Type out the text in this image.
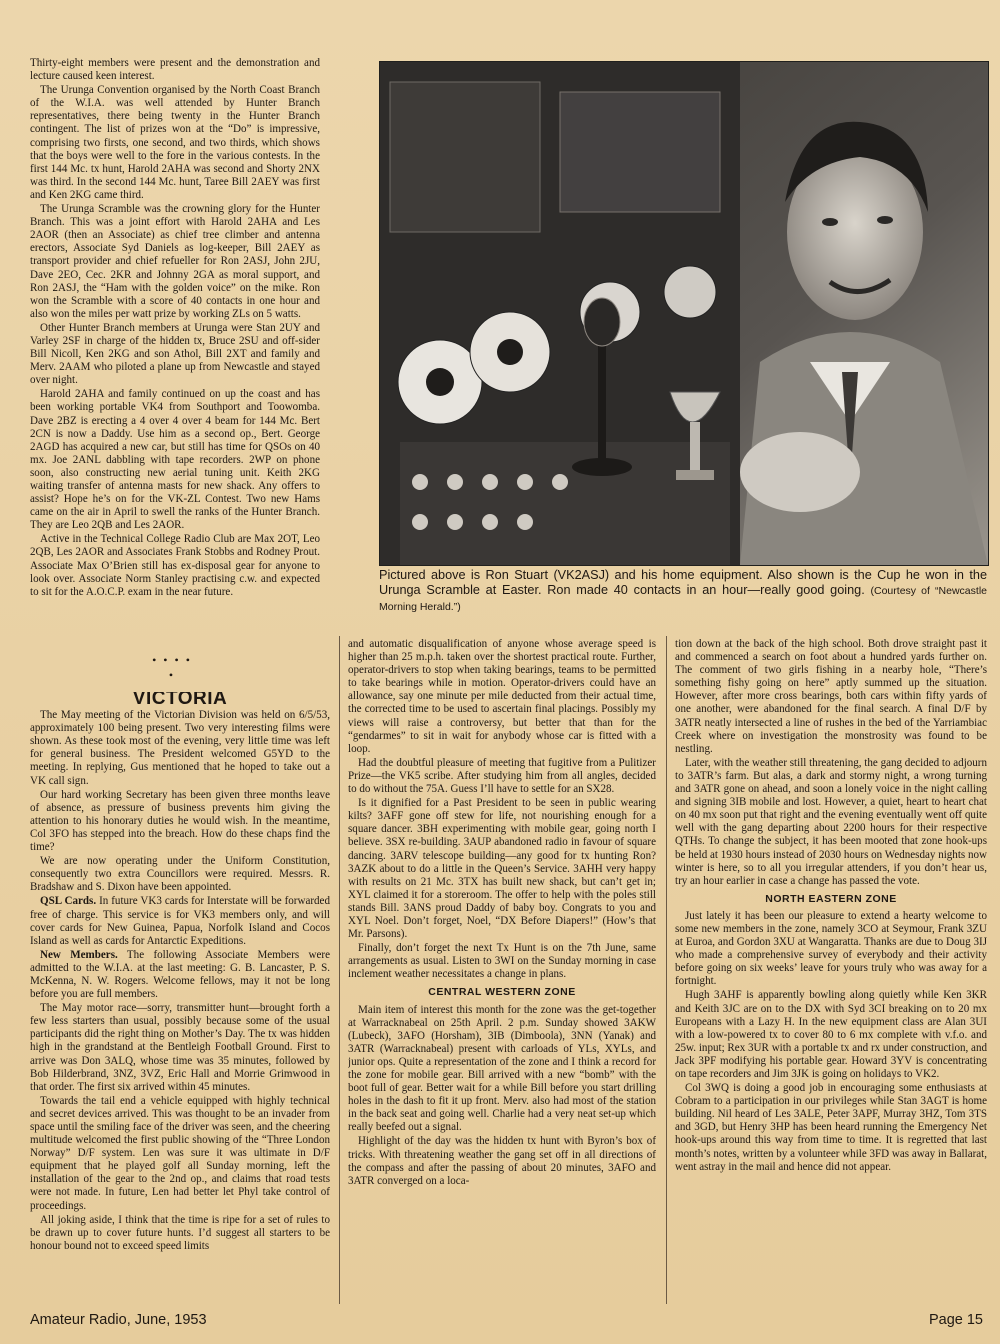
Thirty-eight members were present and the demonstration and lecture caused keen interest.

The Urunga Convention organised by the North Coast Branch of the W.I.A. was well attended by Hunter Branch representatives, there being twenty in the Hunter Branch contingent. The list of prizes won at the “Do” is impressive, comprising two firsts, one second, and two thirds, which shows that the boys were well to the fore in the various contests. In the first 144 Mc. tx hunt, Harold 2AHA was second and Shorty 2NX was third. In the second 144 Mc. hunt, Taree Bill 2AEY was first and Ken 2KG came third.

The Urunga Scramble was the crowning glory for the Hunter Branch. This was a joint effort with Harold 2AHA and Les 2AOR (then an Associate) as chief tree climber and antenna erectors, Associate Syd Daniels as log-keeper, Bill 2AEY as transport provider and chief refueller for Ron 2ASJ, John 2JU, Dave 2EO, Cec. 2KR and Johnny 2GA as moral support, and Ron 2ASJ, the “Ham with the golden voice” on the mike. Ron won the Scramble with a score of 40 contacts in one hour and also won the miles per watt prize by working ZLs on 5 watts.

Other Hunter Branch members at Urunga were Stan 2UY and Varley 2SF in charge of the hidden tx, Bruce 2SU and off-sider Bill Nicoll, Ken 2KG and son Athol, Bill 2XT and family and Merv. 2AAM who piloted a plane up from Newcastle and stayed over night.

Harold 2AHA and family continued on up the coast and has been working portable VK4 from Southport and Toowomba. Dave 2BZ is erecting a 4 over 4 over 4 beam for 144 Mc. Bert 2CN is now a Daddy. Use him as a second op., Bert. George 2AGD has acquired a new car, but still has time for QSOs on 40 mx. Joe 2ANL dabbling with tape recorders. 2WP on phone soon, also constructing new aerial tuning unit. Keith 2KG waiting transfer of antenna masts for new shack. Any offers to assist? Hope he’s on for the VK-ZL Contest. Two new Hams came on the air in April to swell the ranks of the Hunter Branch. They are Leo 2QB and Les 2AOR.

Active in the Technical College Radio Club are Max 2OT, Leo 2QB, Les 2AOR and Associates Frank Stobbs and Rodney Prout. Associate Max O’Brien still has ex-disposal gear for anyone to look over. Associate Norm Stanley practising c.w. and expected to sit for the A.O.C.P. exam in the near future.

• • • • •
VICTORIA

The May meeting of the Victorian Division was held on 6/5/53, approximately 100 being present. Two very interesting films were shown. As these took most of the evening, very little time was left for general business. The President welcomed G5YD to the meeting. In replying, Gus mentioned that he hoped to take out a VK call sign.

Our hard working Secretary has been given three months leave of absence, as pressure of business prevents him giving the attention to his honorary duties he would wish. In the meantime, Col 3FO has stepped into the breach. How do these chaps find the time?

We are now operating under the Uniform Constitution, consequently two extra Councillors were required. Messrs. R. Bradshaw and S. Dixon have been appointed.

QSL Cards. In future VK3 cards for Interstate will be forwarded free of charge. This service is for VK3 members only, and will cover cards for New Guinea, Papua, Norfolk Island and Cocos Island as well as cards for Antarctic Expeditions.

New Members. The following Associate Members were admitted to the W.I.A. at the last meeting: G. B. Lancaster, P. S. McKenna, N. W. Rogers. Welcome fellows, may it not be long before you are full members.

The May motor race—sorry, transmitter hunt—brought forth a few less starters than usual, possibly because some of the usual participants did the right thing on Mother’s Day. The tx was hidden high in the grandstand at the Bentleigh Football Ground. First to arrive was Don 3ALQ, whose time was 35 minutes, followed by Bob Hilderbrand, 3NZ, 3VZ, Eric Hall and Morrie Grimwood in that order. The first six arrived within 45 minutes.

Towards the tail end a vehicle equipped with highly technical and secret devices arrived. This was thought to be an invader from space until the smiling face of the driver was seen, and the cheering multitude welcomed the first public showing of the “Three London Norway” D/F system. Len was sure it was ultimate in D/F equipment that he played golf all Sunday morning, left the installation of the gear to the 2nd op., and claims that road tests were not made. In future, Len had better let Phyl take control of proceedings.

All joking aside, I think that the time is ripe for a set of rules to be drawn up to cover future hunts. I’d suggest all starters to be honour bound not to exceed speed limits

Pictured above is Ron Stuart (VK2ASJ) and his home equipment. Also shown is the Cup he won in the Urunga Scramble at Easter. Ron made 40 contacts in an hour—really good going. (Courtesy of “Newcastle Morning Herald.”)

and automatic disqualification of anyone whose average speed is higher than 25 m.p.h. taken over the shortest practical route. Further, operator-drivers to stop when taking bearings, teams to be permitted to take bearings while in motion. Operator-drivers could have an allowance, say one minute per mile deducted from their actual time, the corrected time to be used to ascertain final placings. Possibly my views will raise a controversy, but better that than for the “gendarmes” to sit in wait for anybody whose car is fitted with a loop.

Had the doubtful pleasure of meeting that fugitive from a Pulitizer Prize—the VK5 scribe. After studying him from all angles, decided to do without the 75A. Guess I’ll have to settle for an SX28.

Is it dignified for a Past President to be seen in public wearing kilts? 3AFF gone off stew for life, not nourishing enough for a square dancer. 3BH experimenting with mobile gear, going north I believe. 3SX re-building. 3AUP abandoned radio in favour of square dancing. 3ARV telescope building—any good for tx hunting Ron? 3AZK about to do a little in the Queen’s Service. 3AHH very happy with results on 21 Mc. 3TX has built new shack, but can’t get in; XYL claimed it for a storeroom. The offer to help with the poles still stands Bill. 3ANS proud Daddy of baby boy. Congrats to you and XYL Noel. Don’t forget, Noel, “DX Before Diapers!” (How’s that Mr. Parsons).

Finally, don’t forget the next Tx Hunt is on the 7th June, same arrangements as usual. Listen to 3WI on the Sunday morning in case inclement weather necessitates a change in plans.

CENTRAL WESTERN ZONE

Main item of interest this month for the zone was the get-together at Warracknabeal on 25th April. 2 p.m. Sunday showed 3AKW (Lubeck), 3AFO (Horsham), 3IB (Dimboola), 3NN (Yanak) and 3ATR (Warracknabeal) present with carloads of YLs, XYLs, and junior ops. Quite a representation of the zone and I think a record for the zone for mobile gear. Bill arrived with a new “bomb” with the boot full of gear. Better wait for a while Bill before you start drilling holes in the dash to fit it up front. Merv. also had most of the station in the back seat and going well. Charlie had a very neat set-up which really beefed out a signal.

Highlight of the day was the hidden tx hunt with Byron’s box of tricks. With threatening weather the gang set off in all directions of the compass and after the passing of about 20 minutes, 3AFO and 3ATR converged on a loca-

tion down at the back of the high school. Both drove straight past it and commenced a search on foot about a hundred yards further on. The comment of two girls fishing in a nearby hole, “There’s something fishy going on here” aptly summed up the situation. However, after more cross bearings, both cars within fifty yards of one another, were abandoned for the final search. A final D/F by 3ATR neatly intersected a line of rushes in the bed of the Yarriambiac Creek where on investigation the monstrosity was found to be nestling.

Later, with the weather still threatening, the gang decided to adjourn to 3ATR’s farm. But alas, a dark and stormy night, a wrong turning and 3ATR gone on ahead, and soon a lonely voice in the night calling and signing 3IB mobile and lost. However, a quiet, heart to heart chat on 40 mx soon put that right and the evening eventually went off quite well with the gang departing about 2200 hours for their respective QTHs. To change the subject, it has been mooted that zone hook-ups be held at 1930 hours instead of 2030 hours on Wednesday nights now winter is here, so to all you irregular attenders, if you don’t hear us, try an hour earlier in case a change has passed the vote.

NORTH EASTERN ZONE

Just lately it has been our pleasure to extend a hearty welcome to some new members in the zone, namely 3CO at Seymour, Frank 3ZU at Euroa, and Gordon 3XU at Wangaratta. Thanks are due to Doug 3IJ who made a comprehensive survey of everybody and their activity before going on six weeks’ leave for yours truly who was away for a fortnight.

Hugh 3AHF is apparently bowling along quietly while Ken 3KR and Keith 3JC are on to the DX with Syd 3CI breaking on to 20 mx Europeans with a Lazy H. In the new equipment class are Alan 3UI with a low-powered tx to cover 80 to 6 mx complete with v.f.o. and 25w. input; Rex 3UR with a portable tx and rx under construction, and Jack 3PF modifying his portable gear. Howard 3YV is concentrating on tape recorders and Jim 3JK is going on holidays to VK2.

Col 3WQ is doing a good job in encouraging some enthusiasts at Cobram to a participation in our privileges while Stan 3AGT is home building. Nil heard of Les 3ALE, Peter 3APF, Murray 3HZ, Tom 3TS and 3GD, but Henry 3HP has been heard running the Emergency Net hook-ups around this way from time to time. It is regretted that last month’s notes, written by a volunteer while 3FD was away in Ballarat, went astray in the mail and hence did not appear.

Amateur Radio, June, 1953	Page 15
